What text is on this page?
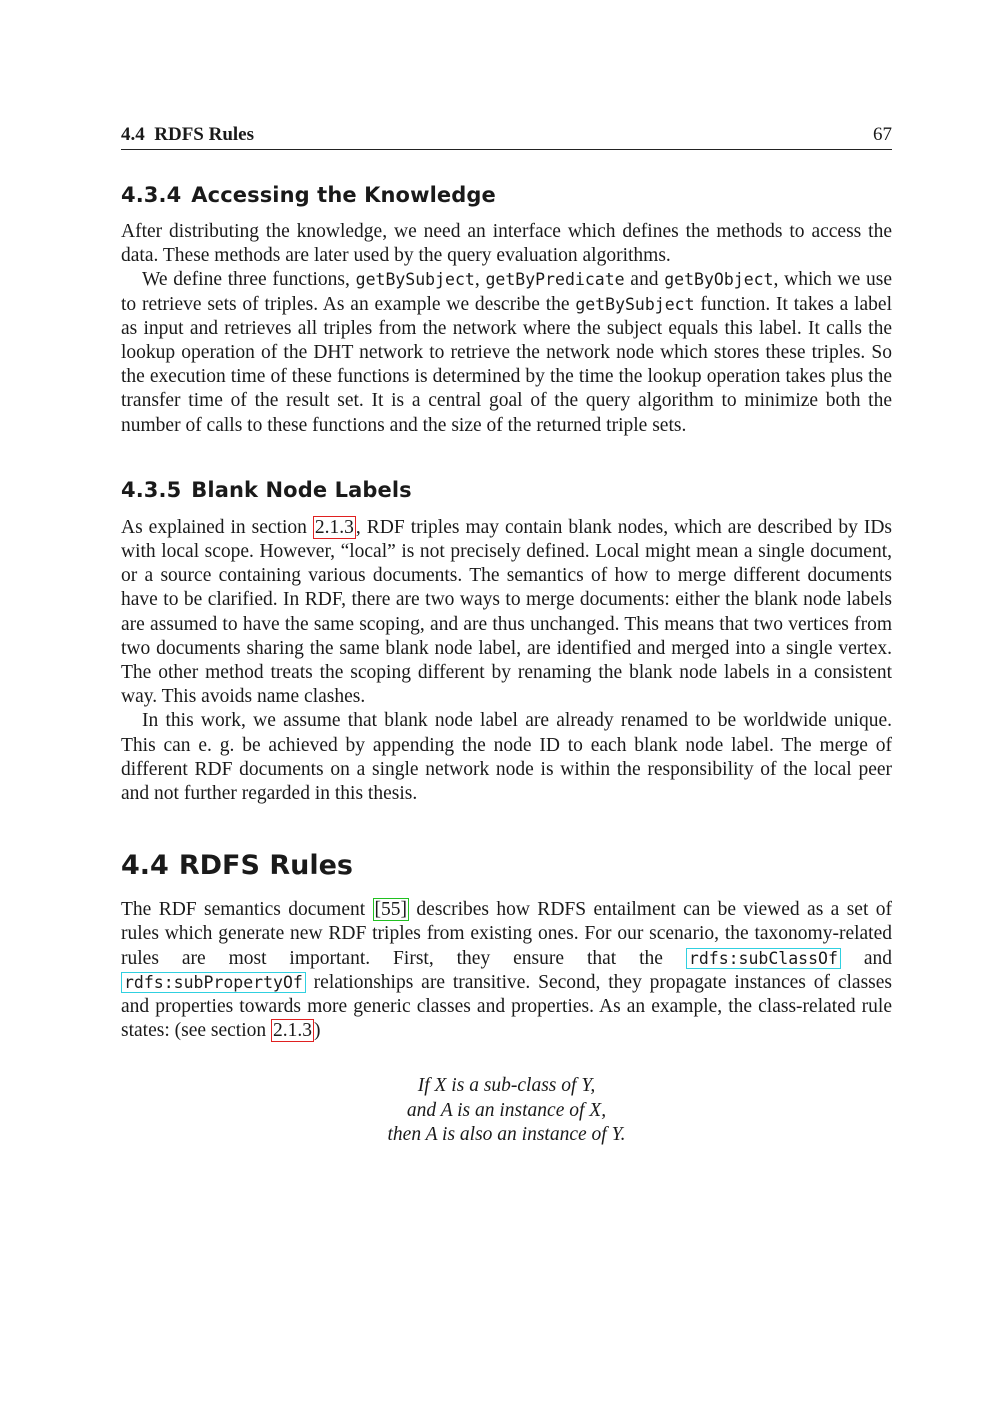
4.4  RDFS Rules	67
4.3.4 Accessing the Knowledge

After distributing the knowledge, we need an interface which defines the methods to access the data. These methods are later used by the query evaluation algorithms.

We define three functions, getBySubject, getByPredicate and getByObject, which we use to retrieve sets of triples. As an example we describe the getBySubject function. It takes a label as input and retrieves all triples from the network where the subject equals this label. It calls the lookup operation of the DHT network to retrieve the network node which stores these triples. So the execution time of these functions is determined by the time the lookup operation takes plus the transfer time of the result set. It is a central goal of the query algorithm to minimize both the number of calls to these functions and the size of the returned triple sets.

4.3.5 Blank Node Labels

As explained in section 2.1.3 , RDF triples may contain blank nodes, which are described by IDs with local scope. However, “local” is not precisely defined. Local might mean a single document, or a source containing various documents. The semantics of how to merge different documents have to be clarified. In RDF, there are two ways to merge documents: either the blank node labels are assumed to have the same scoping, and are thus unchanged. This means that two vertices from two documents sharing the same blank node label, are identified and merged into a single vertex. The other method treats the scoping different by renaming the blank node labels in a consistent way. This avoids name clashes.

In this work, we assume that blank node label are already renamed to be worldwide unique. This can e. g. be achieved by appending the node ID to each blank node label. The merge of different RDF documents on a single network node is within the responsibility of the local peer and not further regarded in this thesis.

4.4 RDFS Rules

The RDF semantics document [55] describes how RDFS entailment can be viewed as a set of rules which generate new RDF triples from existing ones. For our scenario, the taxonomy-related rules are most important. First, they ensure that the rdfs:subClassOf and rdfs:subPropertyOf relationships are transitive. Second, they propagate instances of classes and properties towards more generic classes and properties. As an example, the class-related rule states: (see section 2.1.3 )

If X is a sub-class of Y,
and A is an instance of X,
then A is also an instance of Y.
